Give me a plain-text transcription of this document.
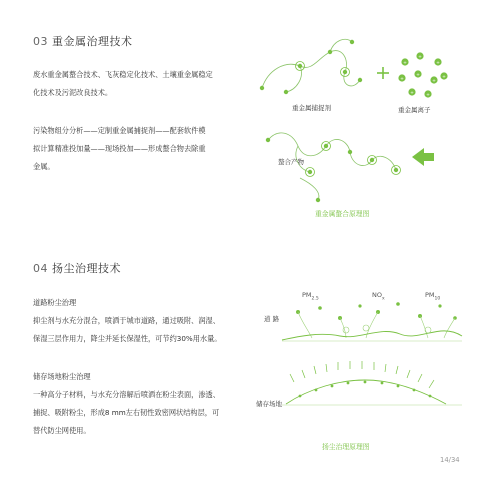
03 重金属治理技术
废水重金属螯合技术、飞灰稳定化技术、土壤重金属稳定
化技术及污泥改良技术。
污染物组分分析——定制重金属捕捉剂——配套软件模
拟计算精准投加量——现场投加——形成螯合物去除重
金属。
+
+
+
+
+
+
+	+
+
重金属捕捉剂	重金属离子
螯合产物
重金属螯合原理图
04 扬尘治理技术
道路粉尘治理
抑尘剂与水充分混合，喷洒于城市道路，通过吸附、润湿、
保湿三层作用力，降尘并延长保湿性，可节约30%用水量。
储存场地粉尘治理
一种高分子材料，与水充分溶解后喷洒在粉尘表面，渗透、
捕捉、吸附粉尘，形成8 mm左右韧性致密网状结构层，可
替代防尘网使用。
$PM_{2.5}$	$NO_x$	$PM_{10}$
道 路
储存场地
扬尘治理原理图
14/34
